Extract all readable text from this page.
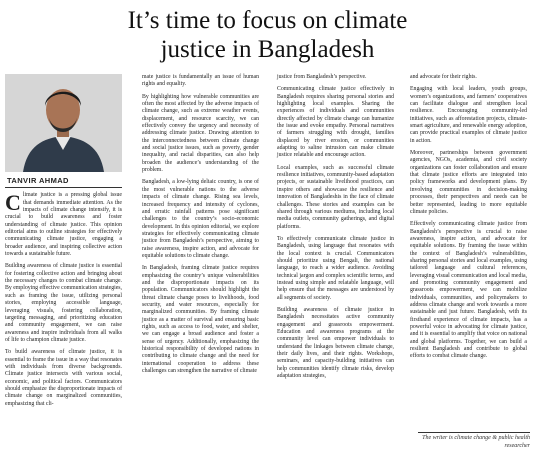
It’s time to focus on climate
justice in Bangladesh
TANVIR AHMAD

Climate justice is a pressing global issue that demands immediate attention. As the impacts of climate change intensify, it is crucial to build awareness and foster understanding of climate justice. This opinion editorial aims to outline strategies for effectively communicating climate justice, engaging a broader audience, and inspiring collective action towards a sustainable future.

Building awareness of climate justice is essential for fostering collective action and bringing about the necessary changes to combat climate change. By employing effective communication strategies, such as framing the issue, utilizing personal stories, employing accessible language, leveraging visuals, fostering collaboration, targeting messaging, and prioritizing education and community engagement, we can raise awareness and inspire individuals from all walks of life to champion climate justice.

To build awareness of climate justice, it is essential to frame the issue in a way that resonates with individuals from diverse backgrounds. Climate justice intersects with various social, economic, and political factors. Communicators should emphasize the disproportionate impacts of climate change on marginalized communities, emphasizing that cli-

mate justice is fundamentally an issue of human rights and equality.

By highlighting how vulnerable communities are often the most affected by the adverse impacts of climate change, such as extreme weather events, displacement, and resource scarcity, we can effectively convey the urgency and necessity of addressing climate justice. Drawing attention to the interconnectedness between climate change and social justice issues, such as poverty, gender inequality, and racial disparities, can also help broaden the audience’s understanding of the problem.

Bangladesh, a low-lying deltaic country, is one of the most vulnerable nations to the adverse impacts of climate change. Rising sea levels, increased frequency and intensity of cyclones, and erratic rainfall patterns pose significant challenges to the country’s socio-economic development. In this opinion editorial, we explore strategies for effectively communicating climate justice from Bangladesh’s perspective, aiming to raise awareness, inspire action, and advocate for equitable solutions to climate change.

In Bangladesh, framing climate justice requires emphasizing the country’s unique vulnerabilities and the disproportionate impacts on its population. Communicators should highlight the threat climate change poses to livelihoods, food security, and water resources, especially for marginalized communities. By framing climate justice as a matter of survival and ensuring basic rights, such as access to food, water, and shelter, we can engage a broad audience and foster a sense of urgency. Additionally, emphasizing the historical responsibility of developed nations in contributing to climate change and the need for international cooperation to address these challenges can strengthen the narrative of climate

justice from Bangladesh’s perspective.

Communicating climate justice effectively in Bangladesh requires sharing personal stories and highlighting local examples. Sharing the experiences of individuals and communities directly affected by climate change can humanize the issue and evoke empathy. Personal narratives of farmers struggling with drought, families displaced by river erosion, or communities adapting to saline intrusion can make climate justice relatable and encourage action.

Local examples, such as successful climate resilience initiatives, community-based adaptation projects, or sustainable livelihood practices, can inspire others and showcase the resilience and innovation of Bangladeshis in the face of climate challenges. These stories and examples can be shared through various mediums, including local media outlets, community gatherings, and digital platforms.

To effectively communicate climate justice in Bangladesh, using language that resonates with the local context is crucial. Communicators should prioritize using Bengali, the national language, to reach a wider audience. Avoiding technical jargon and complex scientific terms, and instead using simple and relatable language, will help ensure that the messages are understood by all segments of society.

Building awareness of climate justice in Bangladesh necessitates active community engagement and grassroots empowerment. Education and awareness programs at the community level can empower individuals to understand the linkages between climate change, their daily lives, and their rights. Workshops, seminars, and capacity-building initiatives can help communities identify climate risks, develop adaptation strategies,

and advocate for their rights.

Engaging with local leaders, youth groups, women’s organizations, and farmers’ cooperatives can facilitate dialogue and strengthen local resilience. Encouraging community-led initiatives, such as afforestation projects, climate-smart agriculture, and renewable energy adoption, can provide practical examples of climate justice in action.

Moreover, partnerships between government agencies, NGOs, academia, and civil society organizations can foster collaboration and ensure that climate justice efforts are integrated into policy frameworks and development plans. By involving communities in decision-making processes, their perspectives and needs can be better represented, leading to more equitable climate policies.

Effectively communicating climate justice from Bangladesh’s perspective is crucial to raise awareness, inspire action, and advocate for equitable solutions. By framing the issue within the context of Bangladesh’s vulnerabilities, sharing personal stories and local examples, using tailored language and cultural references, leveraging visual communication and local media, and promoting community engagement and grassroots empowerment, we can mobilize individuals, communities, and policymakers to address climate change and work towards a more sustainable and just future. Bangladesh, with its firsthand experience of climate impacts, has a powerful voice in advocating for climate justice, and it is essential to amplify that voice on national and global platforms. Together, we can build a resilient Bangladesh and contribute to global efforts to combat climate change.

The writer is climate change & public health researcher
